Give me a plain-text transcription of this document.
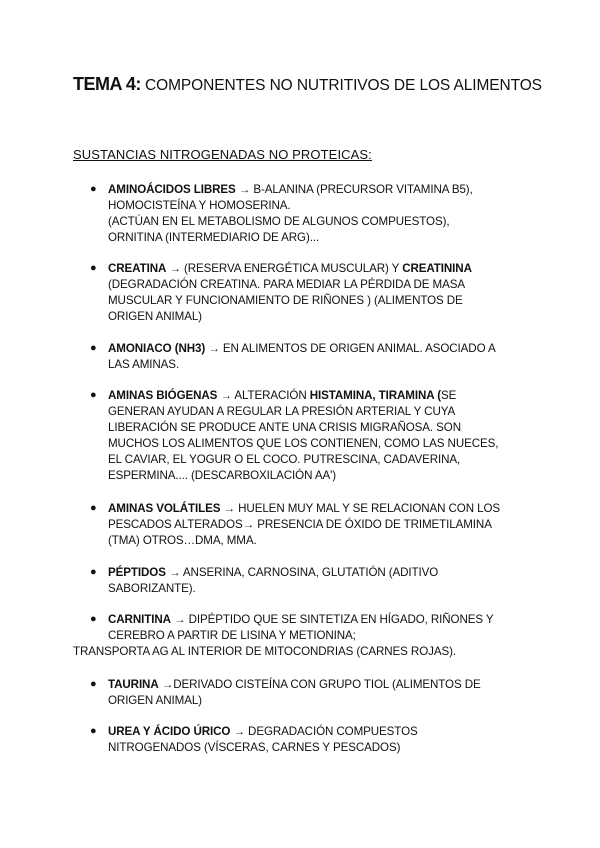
TEMA 4: COMPONENTES NO NUTRITIVOS DE LOS ALIMENTOS
SUSTANCIAS NITROGENADAS NO PROTEICAS:
● AMINOÁCIDOS LIBRES → B-ALANINA (PRECURSOR VITAMINA B5),
HOMOCISTEÍNA Y HOMOSERINA.
(ACTÚAN EN EL METABOLISMO DE ALGUNOS COMPUESTOS),
ORNITINA (INTERMEDIARIO DE ARG)...
● CREATINA → (RESERVA ENERGÉTICA MUSCULAR) Y CREATININA
(DEGRADACIÓN CREATINA. PARA MEDIAR LA PÉRDIDA DE MASA
MUSCULAR Y FUNCIONAMIENTO DE RIÑONES ) (ALIMENTOS DE
ORIGEN ANIMAL)
● AMONIACO (NH3) → EN ALIMENTOS DE ORIGEN ANIMAL. ASOCIADO A
LAS AMINAS.
● AMINAS BIÓGENAS → ALTERACIÓN HISTAMINA, TIRAMINA (SE
GENERAN AYUDAN A REGULAR LA PRESIÓN ARTERIAL Y CUYA
LIBERACIÓN SE PRODUCE ANTE UNA CRISIS MIGRAÑOSA. SON
MUCHOS LOS ALIMENTOS QUE LOS CONTIENEN, COMO LAS NUECES,
EL CAVIAR, EL YOGUR O EL COCO. PUTRESCINA, CADAVERINA,
ESPERMINA.... (DESCARBOXILACIÓN AA')
● AMINAS VOLÁTILES → HUELEN MUY MAL Y SE RELACIONAN CON LOS
PESCADOS ALTERADOS→ PRESENCIA DE ÓXIDO DE TRIMETILAMINA
(TMA) OTROS…DMA, MMA.
● PÉPTIDOS → ANSERINA, CARNOSINA, GLUTATIÓN (ADITIVO
SABORIZANTE).
● CARNITINA → DIPÉPTIDO QUE SE SINTETIZA EN HÍGADO, RIÑONES Y
CEREBRO A PARTIR DE LISINA Y METIONINA;
TRANSPORTA AG AL INTERIOR DE MITOCONDRIAS (CARNES ROJAS).
● TAURINA →DERIVADO CISTEÍNA CON GRUPO TIOL (ALIMENTOS DE
ORIGEN ANIMAL)
● UREA Y ÁCIDO ÚRICO → DEGRADACIÓN COMPUESTOS
NITROGENADOS (VÍSCERAS, CARNES Y PESCADOS)
